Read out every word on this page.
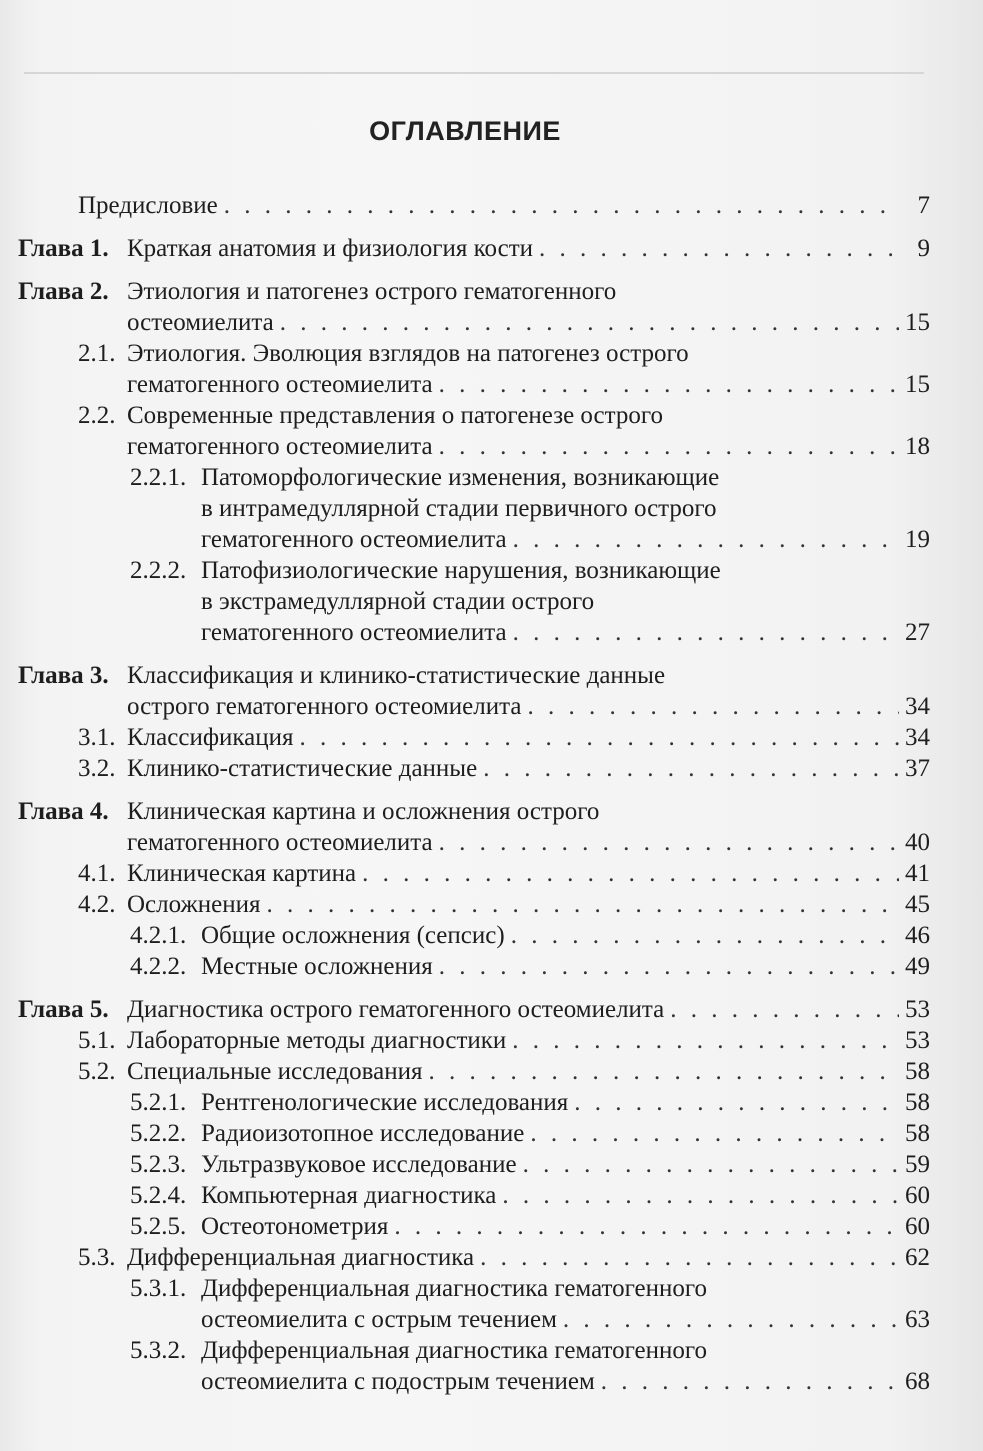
ОГЛАВЛЕНИЕ
Предисловие . . .	7
Глава 1. Краткая анатомия и физиология кости . . .	9
Глава 2. Этиология и патогенез острого гематогенного
остеомиелита . . .	15
2.1. Этиология. Эволюция взглядов на патогенез острого
гематогенного остеомиелита . . .	15
2.2. Современные представления о патогенезе острого
гематогенного остеомиелита . . .	18
2.2.1. Патоморфологические изменения, возникающие
в интрамедуллярной стадии первичного острого
гематогенного остеомиелита . . .	19
2.2.2. Патофизиологические нарушения, возникающие
в экстрамедуллярной стадии острого
гематогенного остеомиелита . . .	27
Глава 3. Классификация и клинико-статистические данные
острого гематогенного остеомиелита . . .	34
3.1. Классификация . . .	34
3.2. Клинико-статистические данные . . .	37
Глава 4. Клиническая картина и осложнения острого
гематогенного остеомиелита . . .	40
4.1. Клиническая картина . . .	41
4.2. Осложнения . . .	45
4.2.1. Общие осложнения (сепсис) . . .	46
4.2.2. Местные осложнения . . .	49
Глава 5. Диагностика острого гематогенного остеомиелита . . .	53
5.1. Лабораторные методы диагностики . . .	53
5.2. Специальные исследования . . .	58
5.2.1. Рентгенологические исследования . . .	58
5.2.2. Радиоизотопное исследование . . .	58
5.2.3. Ультразвуковое исследование . . .	59
5.2.4. Компьютерная диагностика . . .	60
5.2.5. Остеотонометрия . . .	60
5.3. Дифференциальная диагностика . . .	62
5.3.1. Дифференциальная диагностика гематогенного
остеомиелита с острым течением . . .	63
5.3.2. Дифференциальная диагностика гематогенного
остеомиелита с подострым течением . . .	68
